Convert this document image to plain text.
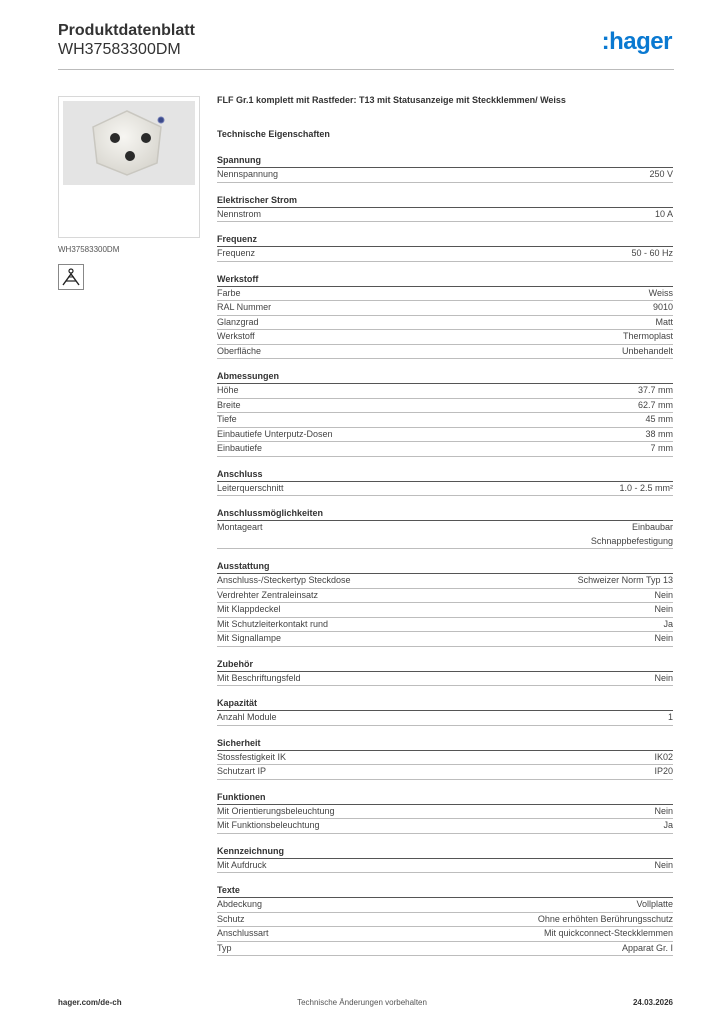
Produktdatenblatt
WH37583300DM	:hager
WH37583300DM
FLF Gr.1 komplett mit Rastfeder: T13 mit Statusanzeige mit Steckklemmen/ Weiss
Technische Eigenschaften
Spannung
Nennspannung	250 V
Elektrischer Strom
Nennstrom	10 A
Frequenz
Frequenz	50 - 60 Hz
Werkstoff
Farbe	Weiss
RAL Nummer	9010
Glanzgrad	Matt
Werkstoff	Thermoplast
Oberfläche	Unbehandelt
Abmessungen
Höhe	37.7 mm
Breite	62.7 mm
Tiefe	45 mm
Einbautiefe Unterputz-Dosen	38 mm
Einbautiefe	7 mm
Anschluss
Leiterquerschnitt	1.0 - 2.5 mm²
Anschlussmöglichkeiten
Montageart	Einbaubar
Schnappbefestigung
Ausstattung
Anschluss-/Steckertyp Steckdose	Schweizer Norm Typ 13
Verdrehter Zentraleinsatz	Nein
Mit Klappdeckel	Nein
Mit Schutzleiterkontakt rund	Ja
Mit Signallampe	Nein
Zubehör
Mit Beschriftungsfeld	Nein
Kapazität
Anzahl Module	1
Sicherheit
Stossfestigkeit IK	IK02
Schutzart IP	IP20
Funktionen
Mit Orientierungsbeleuchtung	Nein
Mit Funktionsbeleuchtung	Ja
Kennzeichnung
Mit Aufdruck	Nein
Texte
Abdeckung	Vollplatte
Schutz	Ohne erhöhten Berührungsschutz
Anschlussart	Mit quickconnect-Steckklemmen
Typ	Apparat Gr. I
hager.com/de-ch	Technische Änderungen vorbehalten	24.03.2026
